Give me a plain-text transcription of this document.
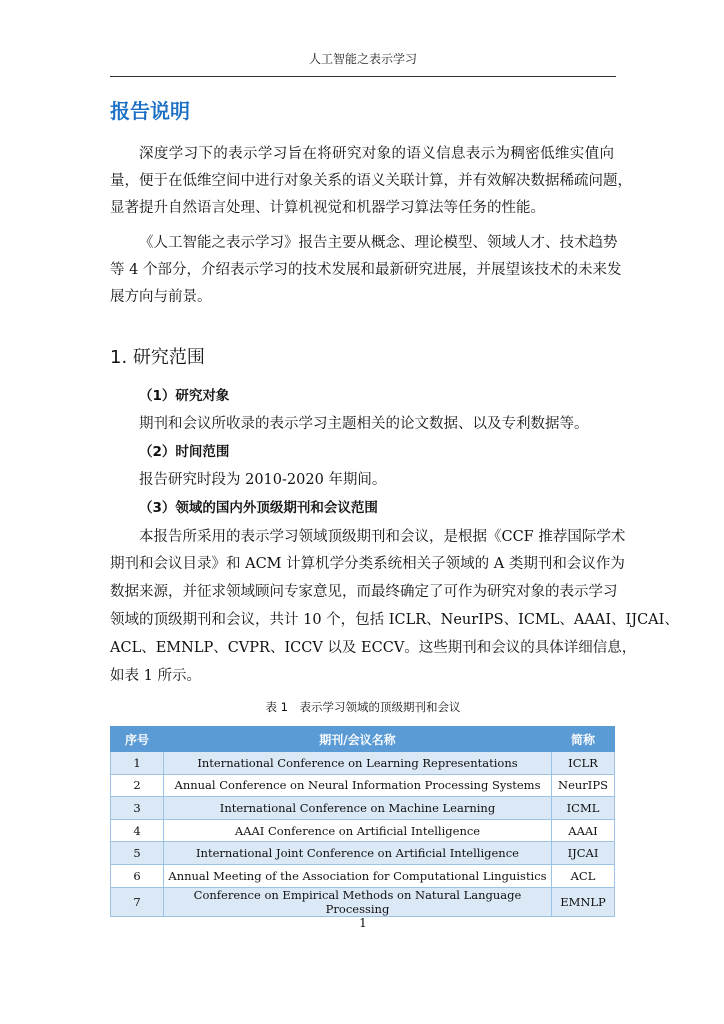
人工智能之表示学习
报告说明
深度学习下的表示学习旨在将研究对象的语义信息表示为稠密低维实值向
量，便于在低维空间中进行对象关系的语义关联计算，并有效解决数据稀疏问题，
显著提升自然语言处理、计算机视觉和机器学习算法等任务的性能。
《人工智能之表示学习》报告主要从概念、理论模型、领域人才、技术趋势
等 4 个部分，介绍表示学习的技术发展和最新研究进展，并展望该技术的未来发
展方向与前景。
1. 研究范围
（1）研究对象
期刊和会议所收录的表示学习主题相关的论文数据、以及专利数据等。
（2）时间范围
报告研究时段为 2010-2020 年期间。
（3）领域的国内外顶级期刊和会议范围
本报告所采用的表示学习领域顶级期刊和会议，是根据《CCF 推荐国际学术
期刊和会议目录》和 ACM 计算机学分类系统相关子领域的 A 类期刊和会议作为
数据来源，并征求领域顾问专家意见，而最终确定了可作为研究对象的表示学习
领域的顶级期刊和会议，共计 10 个，包括 ICLR、NeurIPS、ICML、AAAI、IJCAI、
ACL、EMNLP、CVPR、ICCV 以及 ECCV。这些期刊和会议的具体详细信息，
如表 1 所示。
表 1　表示学习领域的顶级期刊和会议
序号	期刊/会议名称	简称
1	International Conference on Learning Representations	ICLR
2	Annual Conference on Neural Information Processing Systems	NeurIPS
3	International Conference on Machine Learning	ICML
4	AAAI Conference on Artificial Intelligence	AAAI
5	International Joint Conference on Artificial Intelligence	IJCAI
6	Annual Meeting of the Association for Computational Linguistics	ACL
7	Conference on Empirical Methods on Natural Language Processing	EMNLP
1
